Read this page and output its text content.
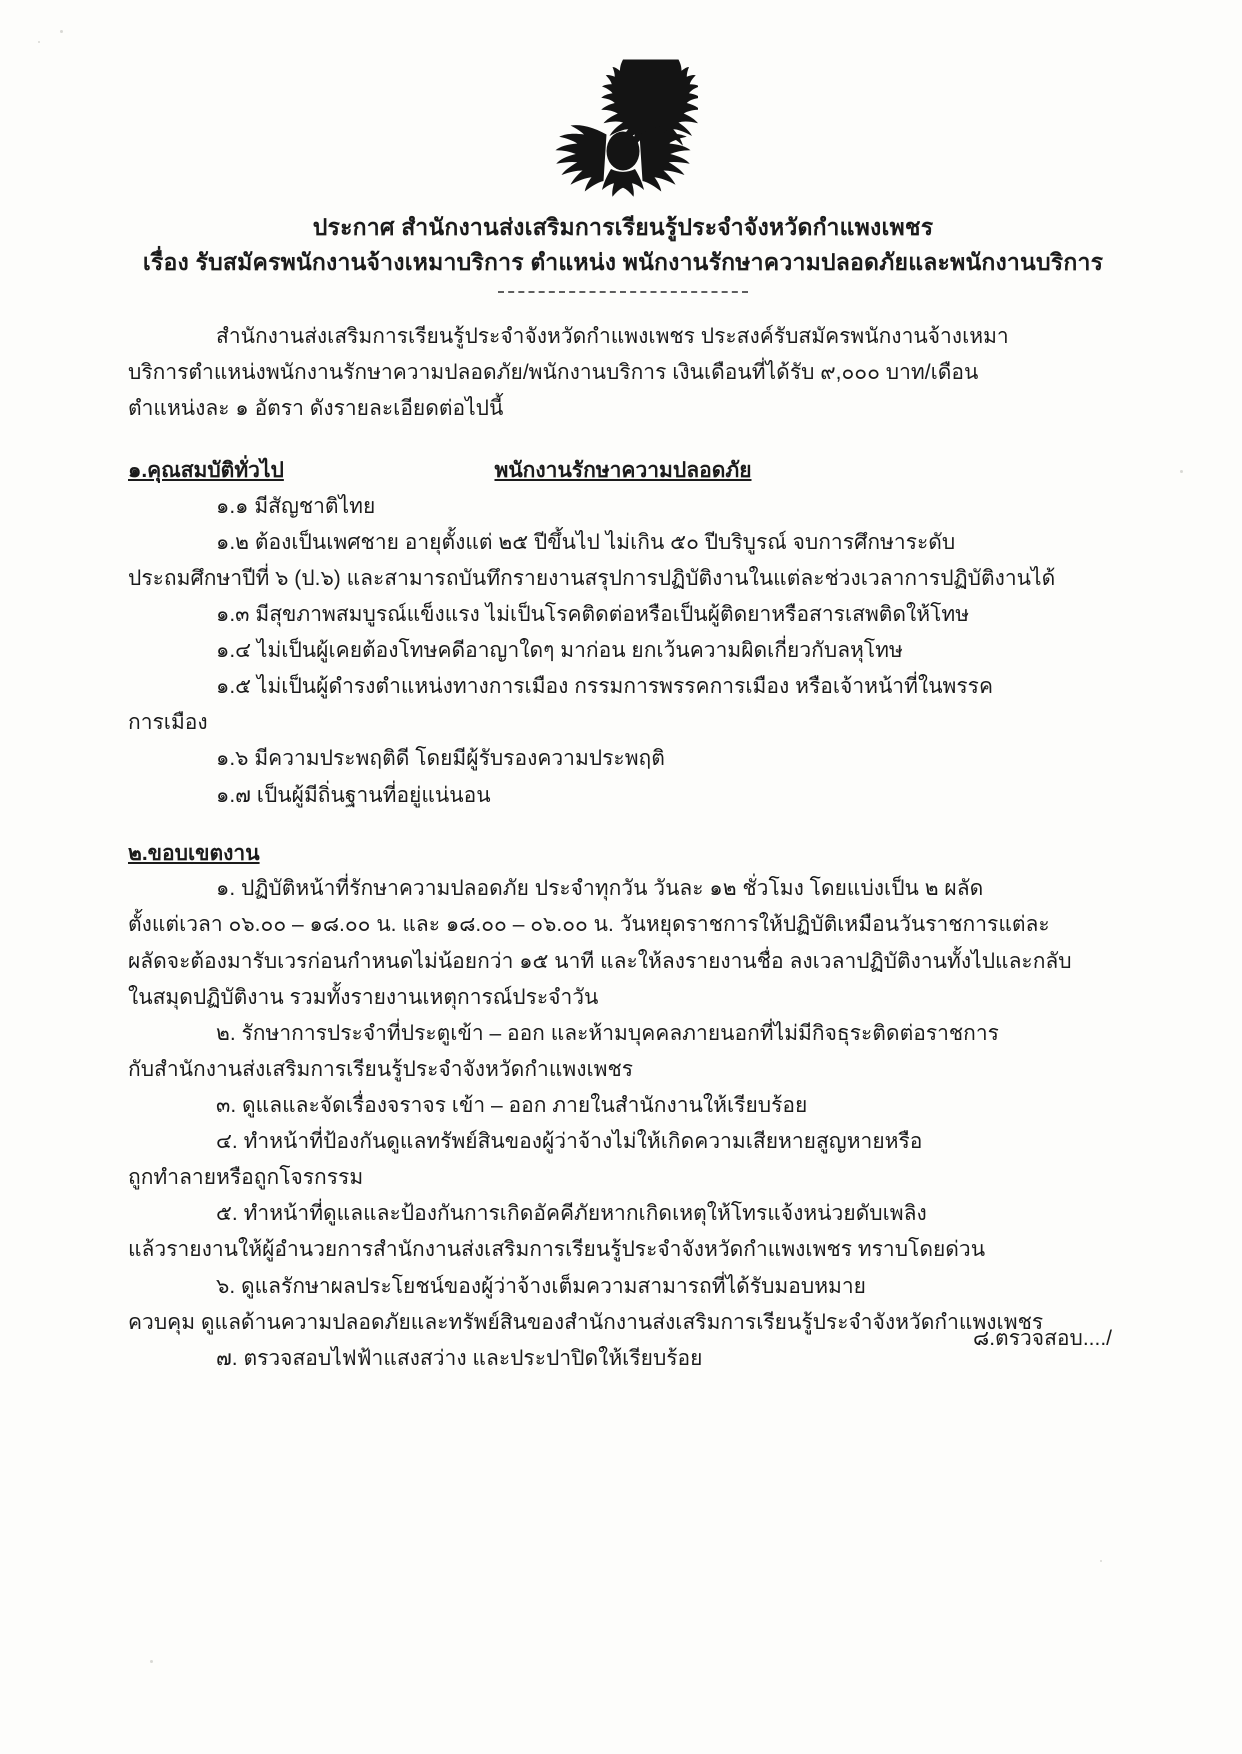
ประกาศ สำนักงานส่งเสริมการเรียนรู้ประจำจังหวัดกำแพงเพชร
เรื่อง รับสมัครพนักงานจ้างเหมาบริการ ตำแหน่ง พนักงานรักษาความปลอดภัยและพนักงานบริการ

สำนักงานส่งเสริมการเรียนรู้ประจำจังหวัดกำแพงเพชร ประสงค์รับสมัครพนักงานจ้างเหมา

บริการตำแหน่งพนักงานรักษาความปลอดภัย/พนักงานบริการ เงินเดือนที่ได้รับ ๙,๐๐๐ บาท/เดือน

ตำแหน่งละ ๑ อัตรา ดังรายละเอียดต่อไปนี้

พนักงานรักษาความปลอดภัย
๑.คุณสมบัติทั่วไป

๑.๑ มีสัญชาติไทย

๑.๒ ต้องเป็นเพศชาย อายุตั้งแต่ ๒๕ ปีขึ้นไป ไม่เกิน ๕๐ ปีบริบูรณ์ จบการศึกษาระดับ

ประถมศึกษาปีที่ ๖ (ป.๖) และสามารถบันทึกรายงานสรุปการปฏิบัติงานในแต่ละช่วงเวลาการปฏิบัติงานได้

๑.๓ มีสุขภาพสมบูรณ์แข็งแรง ไม่เป็นโรคติดต่อหรือเป็นผู้ติดยาหรือสารเสพติดให้โทษ

๑.๔ ไม่เป็นผู้เคยต้องโทษคดีอาญาใดๆ มาก่อน ยกเว้นความผิดเกี่ยวกับลหุโทษ

๑.๕ ไม่เป็นผู้ดำรงตำแหน่งทางการเมือง กรรมการพรรคการเมือง หรือเจ้าหน้าที่ในพรรค

การเมือง

๑.๖ มีความประพฤติดี โดยมีผู้รับรองความประพฤติ

๑.๗ เป็นผู้มีถิ่นฐานที่อยู่แน่นอน

๒.ขอบเขตงาน

๑. ปฏิบัติหน้าที่รักษาความปลอดภัย ประจำทุกวัน วันละ ๑๒ ชั่วโมง โดยแบ่งเป็น ๒ ผลัด

ตั้งแต่เวลา ๐๖.๐๐ – ๑๘.๐๐ น. และ ๑๘.๐๐ – ๐๖.๐๐ น. วันหยุดราชการให้ปฏิบัติเหมือนวันราชการแต่ละ

ผลัดจะต้องมารับเวรก่อนกำหนดไม่น้อยกว่า ๑๕ นาที และให้ลงรายงานชื่อ ลงเวลาปฏิบัติงานทั้งไปและกลับ

ในสมุดปฏิบัติงาน รวมทั้งรายงานเหตุการณ์ประจำวัน

๒. รักษาการประจำที่ประตูเข้า – ออก และห้ามบุคคลภายนอกที่ไม่มีกิจธุระติดต่อราชการ

กับสำนักงานส่งเสริมการเรียนรู้ประจำจังหวัดกำแพงเพชร

๓. ดูแลและจัดเรื่องจราจร เข้า – ออก ภายในสำนักงานให้เรียบร้อย

๔. ทำหน้าที่ป้องกันดูแลทรัพย์สินของผู้ว่าจ้างไม่ให้เกิดความเสียหายสูญหายหรือ

ถูกทำลายหรือถูกโจรกรรม

๕. ทำหน้าที่ดูแลและป้องกันการเกิดอัคคีภัยหากเกิดเหตุให้โทรแจ้งหน่วยดับเพลิง

แล้วรายงานให้ผู้อำนวยการสำนักงานส่งเสริมการเรียนรู้ประจำจังหวัดกำแพงเพชร ทราบโดยด่วน

๖. ดูแลรักษาผลประโยชน์ของผู้ว่าจ้างเต็มความสามารถที่ได้รับมอบหมาย

ควบคุม ดูแลด้านความปลอดภัยและทรัพย์สินของสำนักงานส่งเสริมการเรียนรู้ประจำจังหวัดกำแพงเพชร

๗. ตรวจสอบไฟฟ้าแสงสว่าง และประปาปิดให้เรียบร้อย

๘.ตรวจสอบ..../
